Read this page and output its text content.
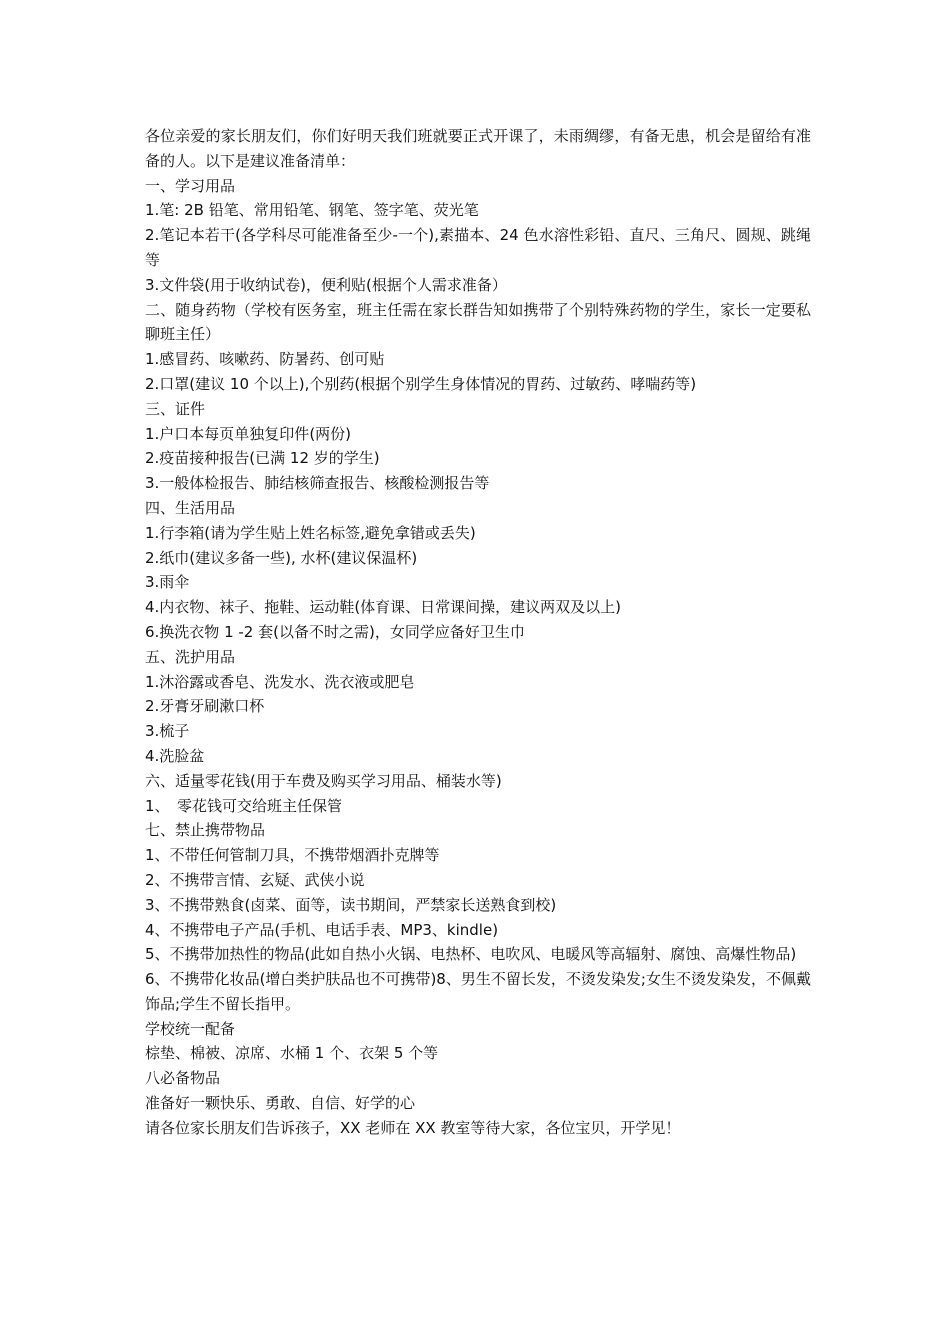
各位亲爱的家长朋友们，你们好明天我们班就要正式开课了，未雨绸缪，有备无患，机会是留给有准备的人。以下是建议准备清单：

一、学习用品

1.笔: 2B 铅笔、常用铅笔、钢笔、签字笔、荧光笔

2.笔记本若干(各学科尽可能准备至少-一个),素描本、24 色水溶性彩铅、直尺、三角尺、圆规、跳绳等

3.文件袋(用于收纳试卷)，便利贴(根据个人需求准备）

二、随身药物（学校有医务室，班主任需在家长群告知如携带了个别特殊药物的学生，家长一定要私聊班主任）

1.感冒药、咳嗽药、防暑药、创可贴

2.口罩(建议 10 个以上),个别药(根据个别学生身体情况的胃药、过敏药、哮喘药等)

三、证件

1.户口本每页单独复印件(两份)

2.疫苗接种报告(已满 12 岁的学生)

3.一般体检报告、肺结核筛查报告、核酸检测报告等

四、生活用品

1.行李箱(请为学生贴上姓名标签,避免拿错或丢失)

2.纸巾(建议多备一些), 水杯(建议保温杯)

3.雨伞

4.内衣物、袜子、拖鞋、运动鞋(体育课、日常课间操，建议两双及以上)

6.换洗衣物 1 -2 套(以备不时之需)，女同学应备好卫生巾

五、洗护用品

1.沐浴露或香皂、洗发水、洗衣液或肥皂

2.牙膏牙刷漱口杯

3.梳子

4.洗脸盆

六、适量零花钱(用于车费及购买学习用品、桶装水等)

1、　零花钱可交给班主任保管

七、禁止携带物品

1、不带任何管制刀具，不携带烟酒扑克牌等

2、不携带言情、玄疑、武侠小说

3、不携带熟食(卤菜、面等，读书期间，严禁家长送熟食到校)

4、不携带电子产品(手机、电话手表、MP3、kindle)

5、不携带加热性的物品(此如自热小火锅、电热杯、电吹风、电暖风等高辐射、腐蚀、高爆性物品)

6、不携带化妆品(增白类护肤品也不可携带)8、男生不留长发，不烫发染发;女生不烫发染发，不佩戴饰品;学生不留长指甲。

学校统一配备

棕垫、棉被、凉席、水桶 1 个、衣架 5 个等

八必备物品

准备好一颗快乐、勇敢、自信、好学的心

请各位家长朋友们告诉孩子，XX 老师在 XX 教室等待大家，各位宝贝，开学见！
